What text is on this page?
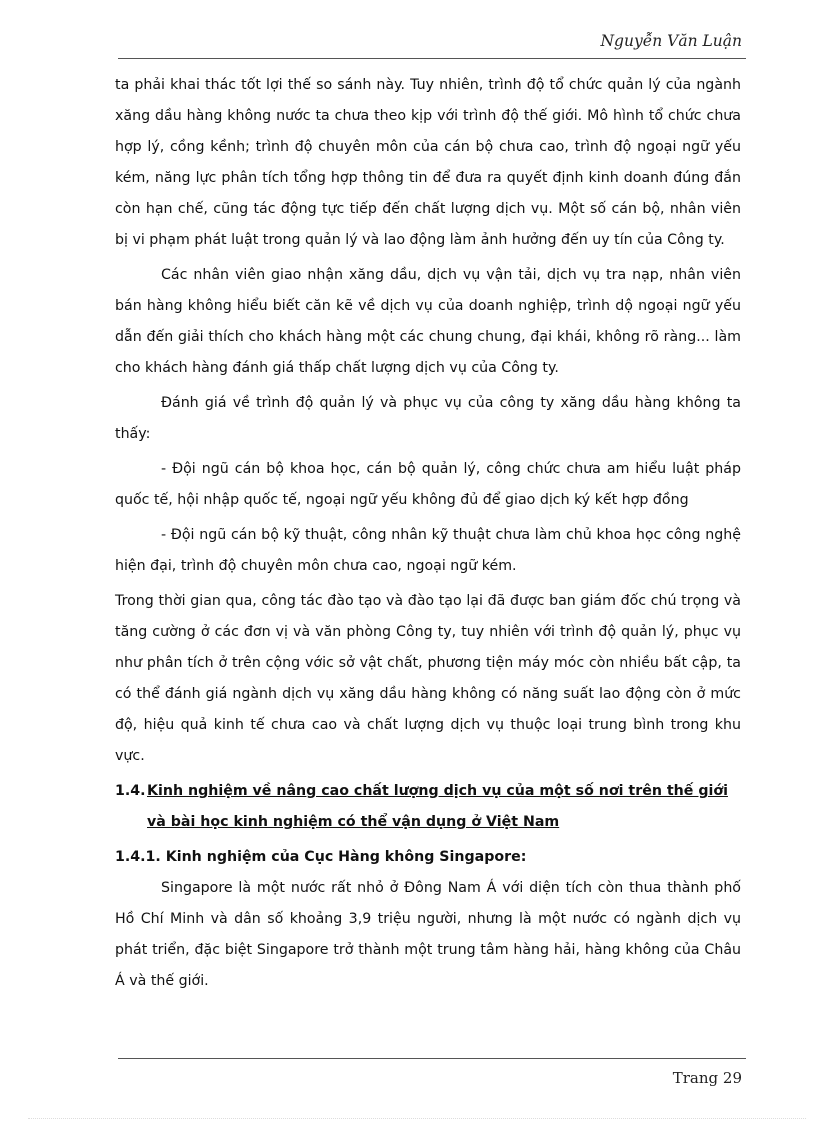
Nguyễn Văn Luận

ta phải khai thác tốt lợi thế so sánh này. Tuy nhiên, trình độ tổ chức quản lý của ngành xăng dầu hàng không nước ta chưa theo kịp với trình độ thế giới. Mô hình tổ chức chưa hợp lý, cồng kềnh; trình độ chuyên môn của cán bộ chưa cao, trình độ ngoại ngữ yếu kém, năng lực phân tích tổng hợp thông tin để đưa ra quyết định kinh doanh đúng đắn còn hạn chế, cũng tác động tực tiếp đến chất lượng dịch vụ. Một số cán bộ, nhân viên bị vi phạm phát luật trong quản lý và lao động làm ảnh hưởng đến uy tín của Công ty.

Các nhân viên giao nhận xăng dầu, dịch vụ vận tải, dịch vụ tra nạp, nhân viên bán hàng không hiểu biết căn kẽ về dịch vụ của doanh nghiệp, trình dộ ngoại ngữ yếu dẫn đến giải thích cho khách hàng một các chung chung, đại khái, không rõ ràng... làm cho khách hàng đánh giá thấp chất lượng dịch vụ của Công ty.

Đánh giá về trình độ quản lý và phục vụ của công ty xăng dầu hàng không ta thấy:

- Đội ngũ cán bộ khoa học, cán bộ quản lý, công chức chưa am hiểu luật pháp quốc tế, hội nhập quốc tế, ngoại ngữ yếu không đủ để giao dịch ký kết hợp đồng

- Đội ngũ cán bộ kỹ thuật, công nhân kỹ thuật chưa làm chủ khoa học công nghệ hiện đại, trình độ chuyên môn chưa cao, ngoại ngữ kém.

Trong thời gian qua, công tác đào tạo và đào tạo lại đã được ban giám đốc chú trọng và tăng cường ở các đơn vị và văn phòng Công ty, tuy nhiên với trình độ quản lý, phục vụ như phân tích ở trên cộng vớic sở vật chất, phương tiện máy móc còn nhiều bất cập, ta có thể đánh giá ngành dịch vụ xăng dầu hàng không có năng suất lao động còn ở mức độ, hiệu quả kinh tế chưa cao và chất lượng dịch vụ thuộc loại trung bình trong khu vực.

1.4. Kinh nghiệm về nâng cao chất lượng dịch vụ của một số nơi trên thế giới và bài học kinh nghiệm có thể vận dụng ở Việt Nam

1.4.1. Kinh nghiệm của Cục Hàng không Singapore:

Singapore là một nước rất nhỏ ở Đông Nam Á với diện tích còn thua thành phố Hồ Chí Minh và dân số khoảng 3,9 triệu người, nhưng là một nước có ngành dịch vụ phát triển, đặc biệt Singapore trở thành một trung tâm hàng hải, hàng không của Châu Á và thế giới.

Trang 29
